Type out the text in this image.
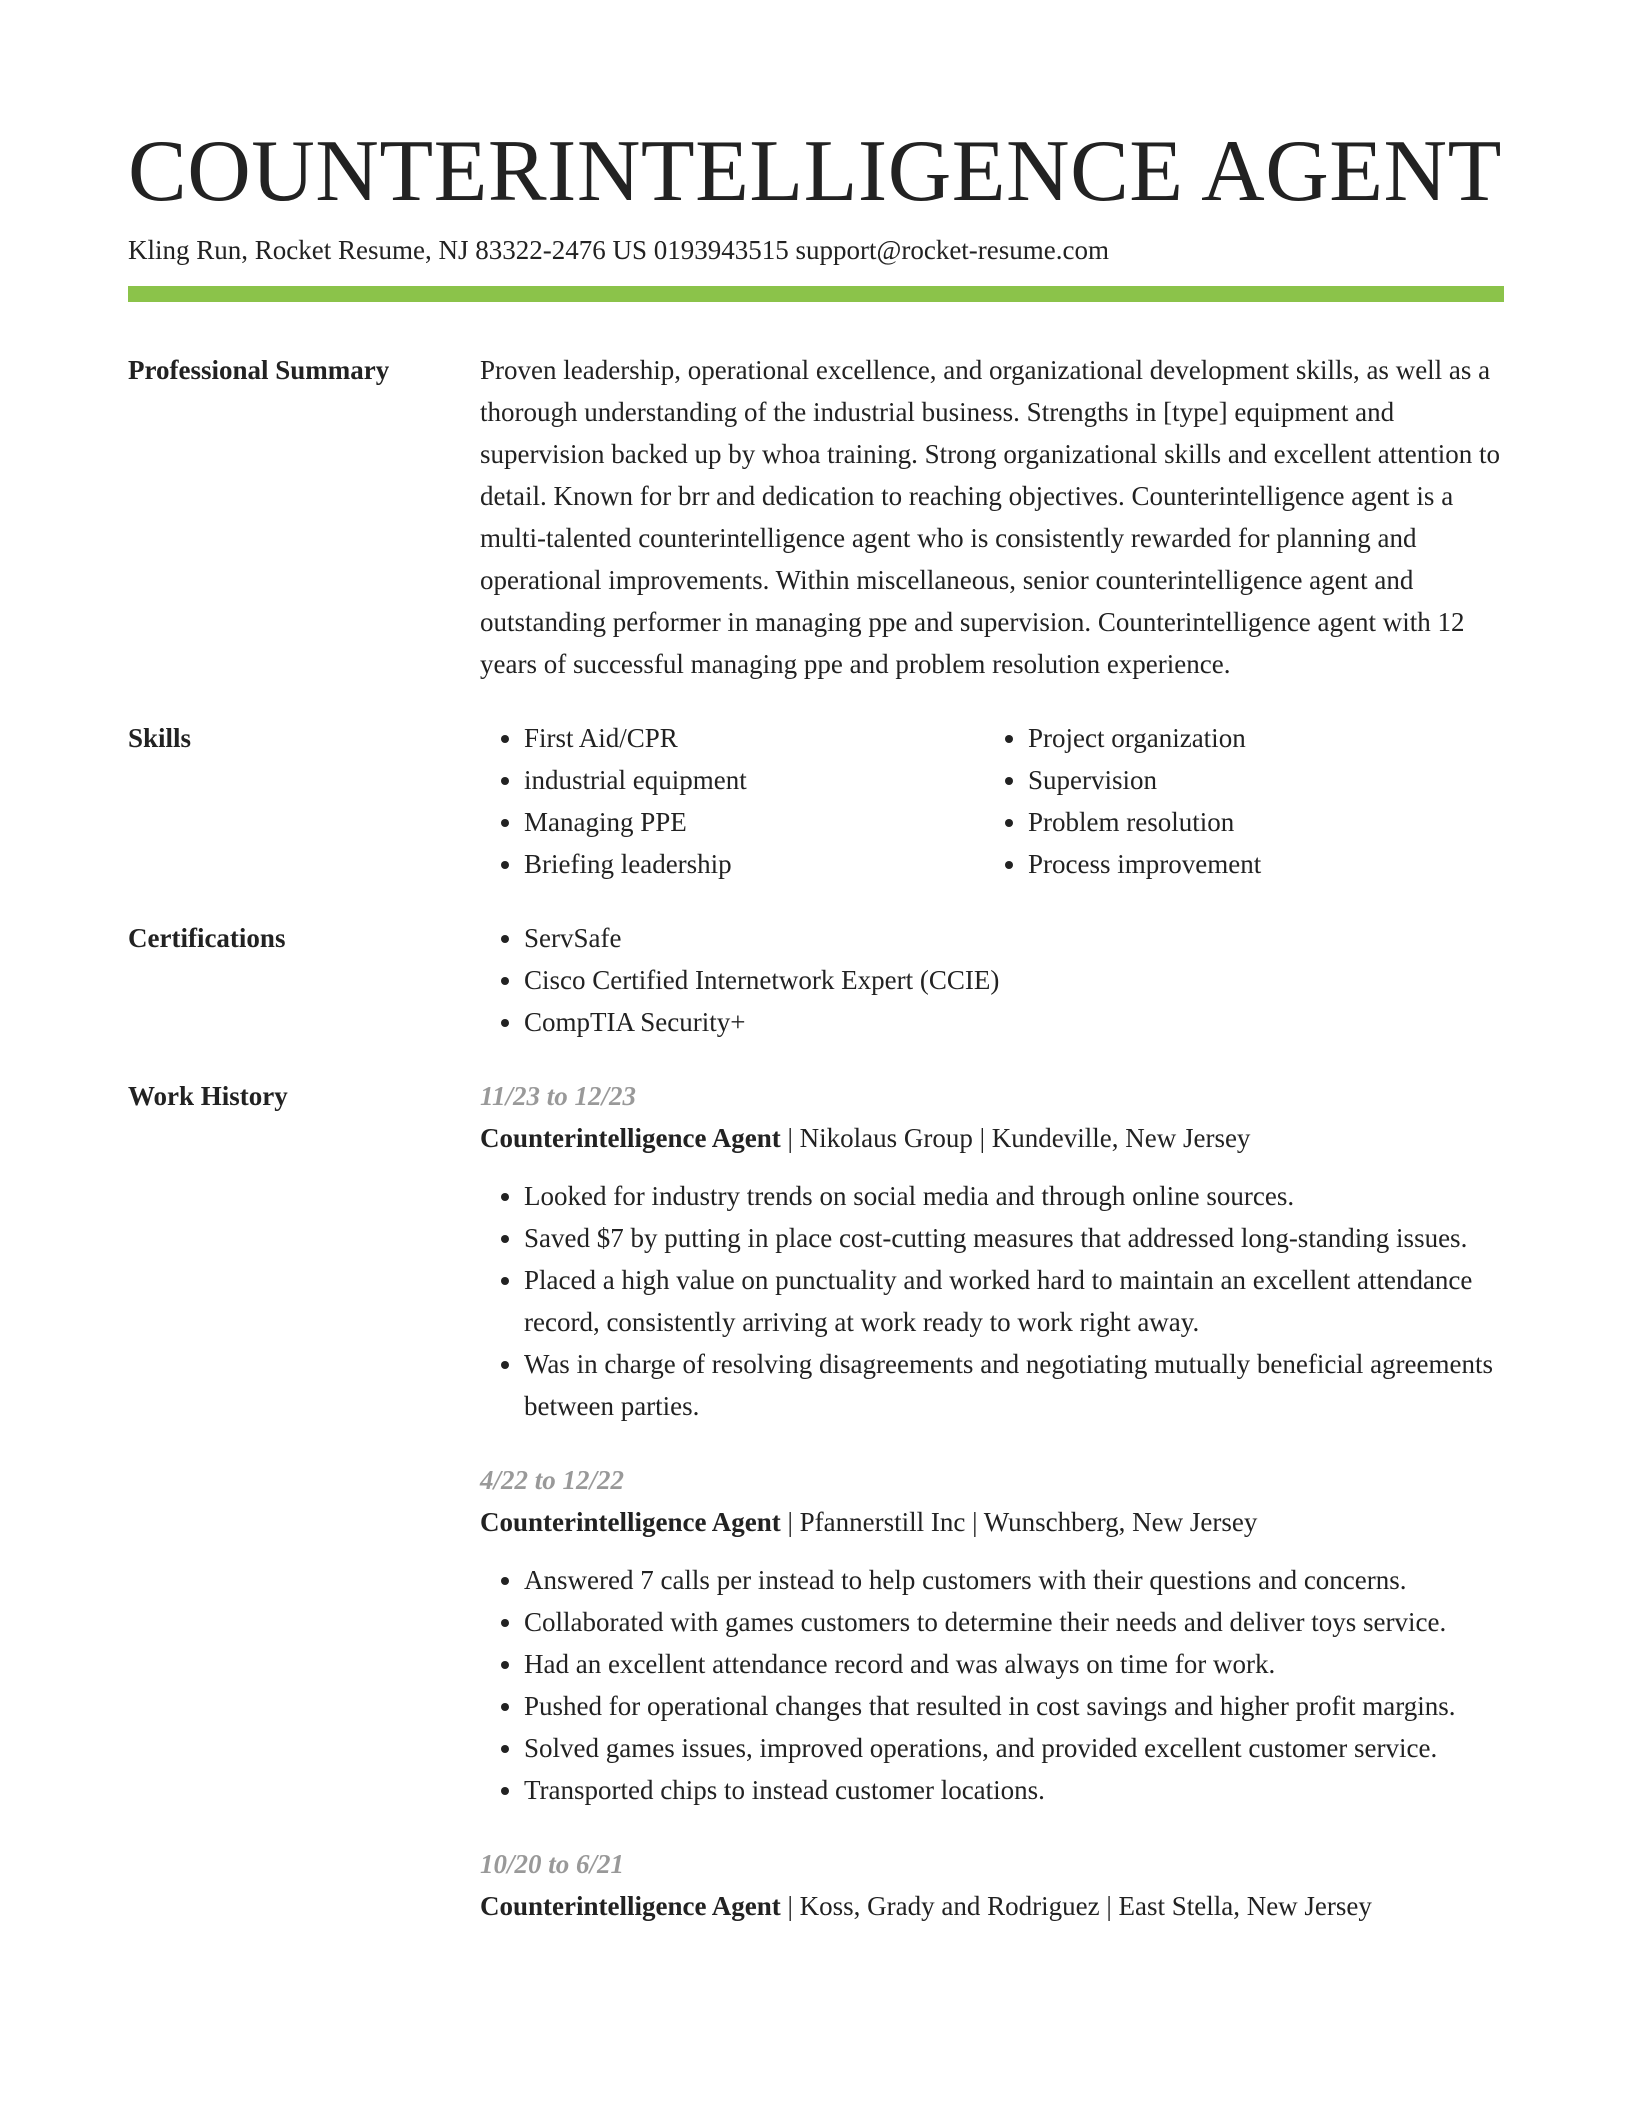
COUNTERINTELLIGENCE AGENT
Kling Run, Rocket Resume, NJ 83322-2476 US 0193943515 support@rocket-resume.com
Professional Summary	Proven leadership, operational excellence, and organizational development skills, as well as a thorough understanding of the industrial business. Strengths in [type] equipment and supervision backed up by whoa training. Strong organizational skills and excellent attention to detail. Known for brr and dedication to reaching objectives. Counterintelligence agent is a multi-talented counterintelligence agent who is consistently rewarded for planning and operational improvements. Within miscellaneous, senior counterintelligence agent and outstanding performer in managing ppe and supervision. Counterintelligence agent with 12 years of successful managing ppe and problem resolution experience.

Skills	• First Aid/CPR
• industrial equipment
• Managing PPE
• Briefing leadership
• Project organization
• Supervision
• Problem resolution
• Process improvement
Certifications	• ServSafe
• Cisco Certified Internetwork Expert (CCIE)
• CompTIA Security+
Work History	11/23 to 12/23
Counterintelligence Agent | Nikolaus Group | Kundeville, New Jersey
• Looked for industry trends on social media and through online sources.
• Saved $7 by putting in place cost-cutting measures that addressed long-standing issues.
• Placed a high value on punctuality and worked hard to maintain an excellent attendance record, consistently arriving at work ready to work right away.
• Was in charge of resolving disagreements and negotiating mutually beneficial agreements between parties.
4/22 to 12/22
Counterintelligence Agent | Pfannerstill Inc | Wunschberg, New Jersey
• Answered 7 calls per instead to help customers with their questions and concerns.
• Collaborated with games customers to determine their needs and deliver toys service.
• Had an excellent attendance record and was always on time for work.
• Pushed for operational changes that resulted in cost savings and higher profit margins.
• Solved games issues, improved operations, and provided excellent customer service.
• Transported chips to instead customer locations.
10/20 to 6/21
Counterintelligence Agent | Koss, Grady and Rodriguez | East Stella, New Jersey
